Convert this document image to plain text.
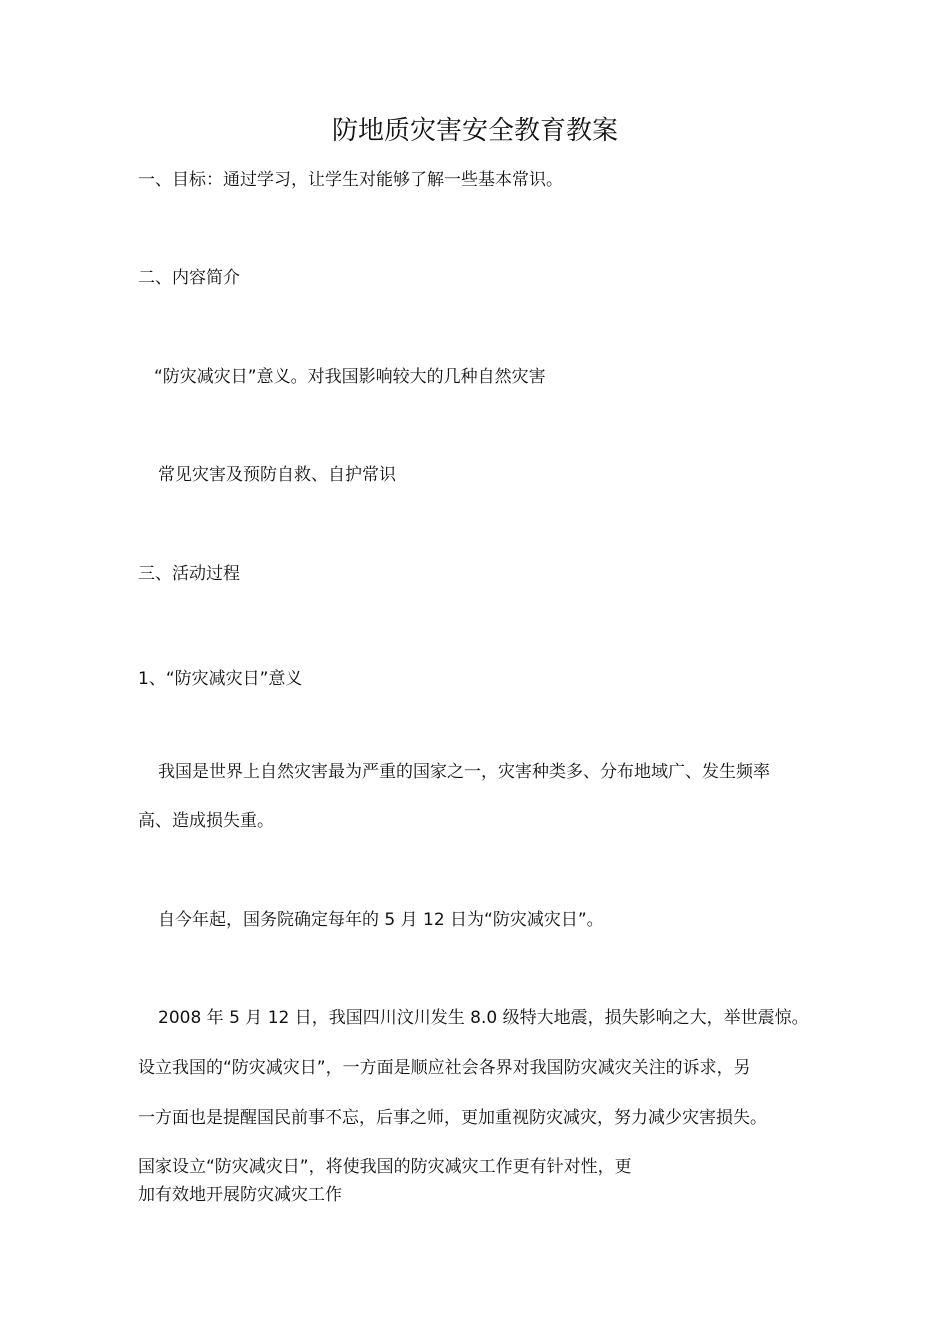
防地质灾害安全教育教案
一、目标：通过学习，让学生对能够了解一些基本常识。
二、内容简介
“防灾减灾日”意义。对我国影响较大的几种自然灾害
常见灾害及预防自救、自护常识
三、活动过程
1、“防灾减灾日”意义
我国是世界上自然灾害最为严重的国家之一，灾害种类多、分布地域广、发生频率
高、造成损失重。
自今年起，国务院确定每年的 5 月 12 日为“防灾减灾日”。
2008 年 5 月 12 日，我国四川汶川发生 8.0 级特大地震，损失影响之大，举世震惊。
设立我国的“防灾减灾日”，一方面是顺应社会各界对我国防灾减灾关注的诉求，另
一方面也是提醒国民前事不忘，后事之师，更加重视防灾减灾，努力减少灾害损失。
国家设立“防灾减灾日”，将使我国的防灾减灾工作更有针对性，更
加有效地开展防灾减灾工作
